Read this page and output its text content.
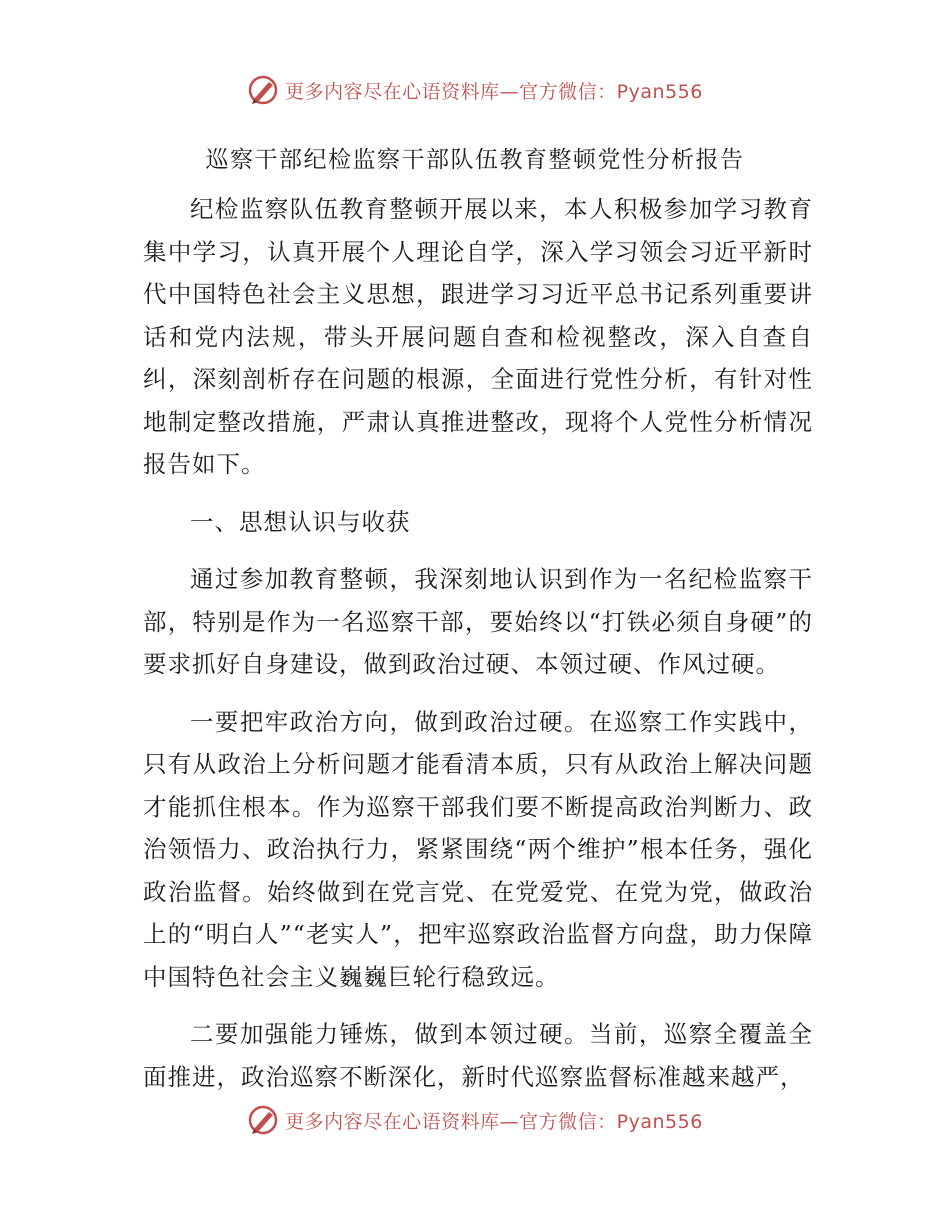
更多内容尽在心语资料库—官方微信：Pyan556
巡察干部纪检监察干部队伍教育整顿党性分析报告

纪检监察队伍教育整顿开展以来，本人积极参加学习教育集中学习，认真开展个人理论自学，深入学习领会习近平新时代中国特色社会主义思想，跟进学习习近平总书记系列重要讲话和党内法规，带头开展问题自查和检视整改，深入自查自纠，深刻剖析存在问题的根源，全面进行党性分析，有针对性地制定整改措施，严肃认真推进整改，现将个人党性分析情况报告如下。

一、思想认识与收获

通过参加教育整顿，我深刻地认识到作为一名纪检监察干部，特别是作为一名巡察干部，要始终以“打铁必须自身硬”的要求抓好自身建设，做到政治过硬、本领过硬、作风过硬。

一要把牢政治方向，做到政治过硬。在巡察工作实践中，只有从政治上分析问题才能看清本质，只有从政治上解决问题才能抓住根本。作为巡察干部我们要不断提高政治判断力、政治领悟力、政治执行力，紧紧围绕“两个维护”根本任务，强化政治监督。始终做到在党言党、在党爱党、在党为党，做政治上的“明白人”“老实人”，把牢巡察政治监督方向盘，助力保障中国特色社会主义巍巍巨轮行稳致远。

二要加强能力锤炼，做到本领过硬。当前，巡察全覆盖全面推进，政治巡察不断深化，新时代巡察监督标准越来越严，

更多内容尽在心语资料库—官方微信：Pyan556
